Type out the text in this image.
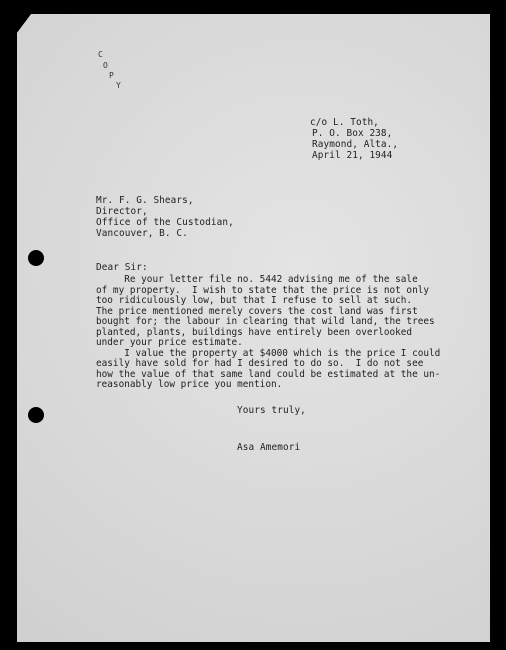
C
O
P
Y
c/o L. Toth,
P. O. Box 238,
Raymond, Alta.,
April 21, 1944
Mr. F. G. Shears,
Director,
Office of the Custodian,
Vancouver, B. C.
Dear Sir:
Re your letter file no. 5442 advising me of the sale
of my property.  I wish to state that the price is not only
too ridiculously low, but that I refuse to sell at such.
The price mentioned merely covers the cost land was first
bought for; the labour in clearing that wild land, the trees
planted, plants, buildings have entirely been overlooked
under your price estimate.
I value the property at $4000 which is the price I could
easily have sold for had I desired to do so.  I do not see
how the value of that same land could be estimated at the un-
reasonably low price you mention.
Yours truly,
Asa Amemori
